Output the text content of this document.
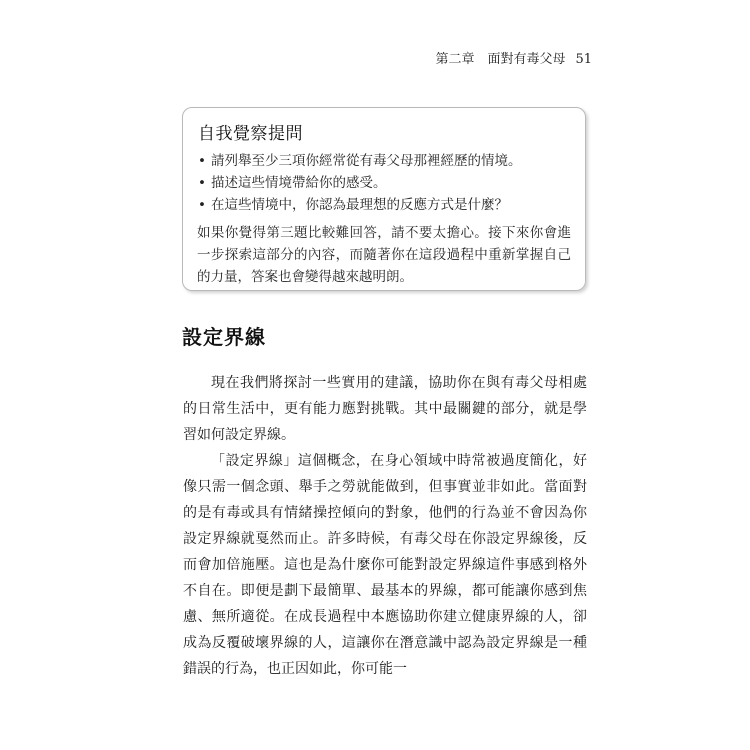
第二章　面對有毒父母 51
自我覺察提問
• 請列舉至少三項你經常從有毒父母那裡經歷的情境。
• 描述這些情境帶給你的感受。
• 在這些情境中，你認為最理想的反應方式是什麼？
如果你覺得第三題比較難回答，請不要太擔心。接下來你會進一步探索這部分的內容，而隨著你在這段過程中重新掌握自己的力量，答案也會變得越來越明朗。
設定界線

現在我們將探討一些實用的建議，協助你在與有毒父母相處的日常生活中，更有能力應對挑戰。其中最關鍵的部分，就是學習如何設定界線。

「設定界線」這個概念，在身心領域中時常被過度簡化，好像只需一個念頭、舉手之勞就能做到，但事實並非如此。當面對的是有毒或具有情緒操控傾向的對象，他們的行為並不會因為你設定界線就戛然而止。許多時候，有毒父母在你設定界線後，反而會加倍施壓。這也是為什麼你可能對設定界線這件事感到格外不自在。即便是劃下最簡單、最基本的界線，都可能讓你感到焦慮、無所適從。在成長過程中本應協助你建立健康界線的人，卻成為反覆破壞界線的人，這讓你在潛意識中認為設定界線是一種錯誤的行為，也正因如此，你可能一
